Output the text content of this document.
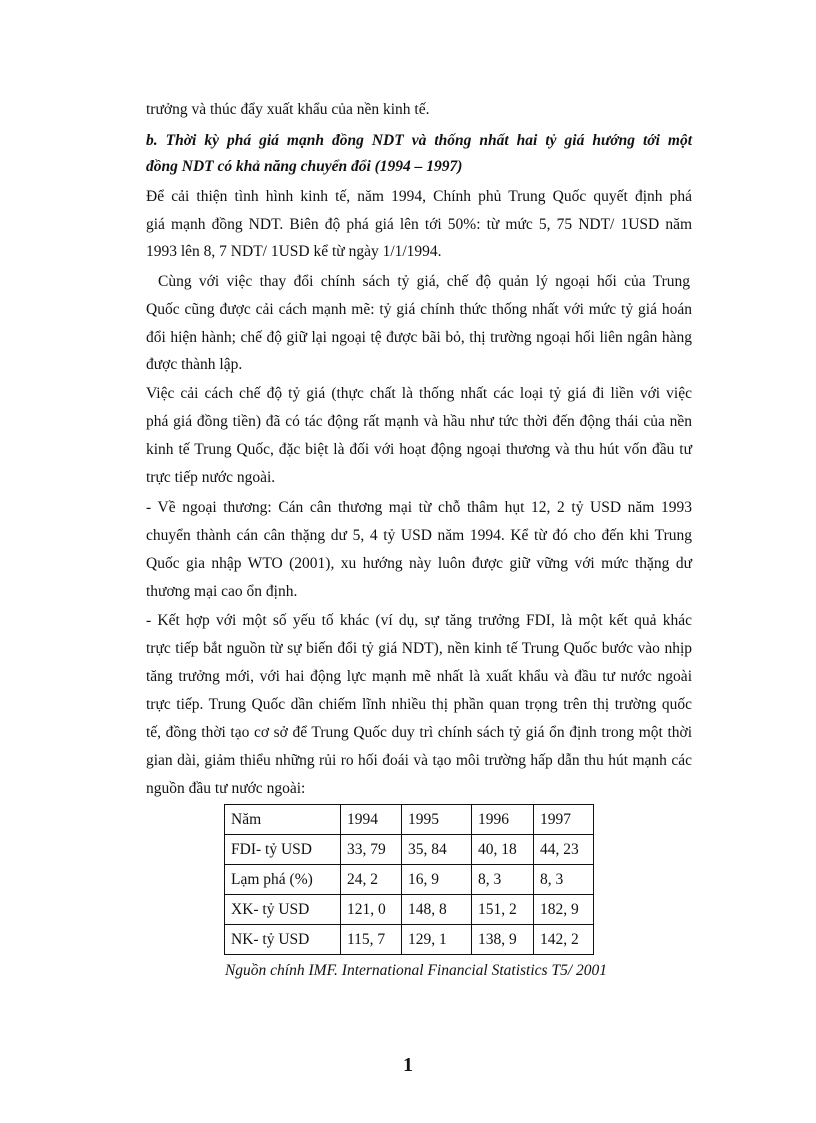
trưởng và thúc đẩy xuất khẩu của nền kinh tế.
b. Thời kỳ phá giá mạnh đồng NDT và thống nhất hai tỷ giá hướng tới một
đồng NDT có khả năng chuyển đổi (1994 – 1997)
Để cải thiện tình hình kinh tế, năm 1994, Chính phủ Trung Quốc quyết định phá
giá mạnh đồng NDT. Biên độ phá giá lên tới 50%: từ mức 5, 75 NDT/ 1USD năm
1993 lên 8, 7 NDT/ 1USD kể từ ngày 1/1/1994.
Cùng với việc thay đổi chính sách tỷ giá, chế độ quản lý ngoại hối của Trung
Quốc cũng được cải cách mạnh mẽ: tỷ giá chính thức thống nhất với mức tỷ giá hoán
đổi hiện hành; chế độ giữ lại ngoại tệ được bãi bỏ, thị trường ngoại hối liên ngân hàng
được thành lập.
Việc cải cách chế độ tỷ giá (thực chất là thống nhất các loại tỷ giá đi liền với việc
phá giá đồng tiền) đã có tác động rất mạnh và hầu như tức thời đến động thái của nền
kinh tế Trung Quốc, đặc biệt là đối với hoạt động ngoại thương và thu hút vốn đầu tư
trực tiếp nước ngoài.
- Về ngoại thương: Cán cân thương mại từ chỗ thâm hụt 12, 2 tỷ USD năm 1993
chuyển thành cán cân thặng dư 5, 4 tỷ USD năm 1994. Kể từ đó cho đến khi Trung
Quốc gia nhập WTO (2001), xu hướng này luôn được giữ vững với mức thặng dư
thương mại cao ổn định.
- Kết hợp với một số yếu tố khác (ví dụ, sự tăng trưởng FDI, là một kết quả khác
trực tiếp bắt nguồn từ sự biến đổi tỷ giá NDT), nền kinh tế Trung Quốc bước vào nhịp
tăng trưởng mới, với hai động lực mạnh mẽ nhất là xuất khẩu và đầu tư nước ngoài
trực tiếp. Trung Quốc dần chiếm lĩnh nhiều thị phần quan trọng trên thị trường quốc
tế, đồng thời tạo cơ sở để Trung Quốc duy trì chính sách tỷ giá ổn định trong một thời
gian dài, giảm thiểu những rủi ro hối đoái và tạo môi trường hấp dẫn thu hút mạnh các
nguồn đầu tư nước ngoài:
Năm	1994	1995	1996	1997
FDI- tỷ USD	33, 79	35, 84	40, 18	44, 23
Lạm phá (%)	24, 2	16, 9	8, 3	8, 3
XK- tỷ USD	121, 0	148, 8	151, 2	182, 9
NK- tỷ USD	115, 7	129, 1	138, 9	142, 2
Nguồn chính IMF. International Financial Statistics T5/ 2001
1
